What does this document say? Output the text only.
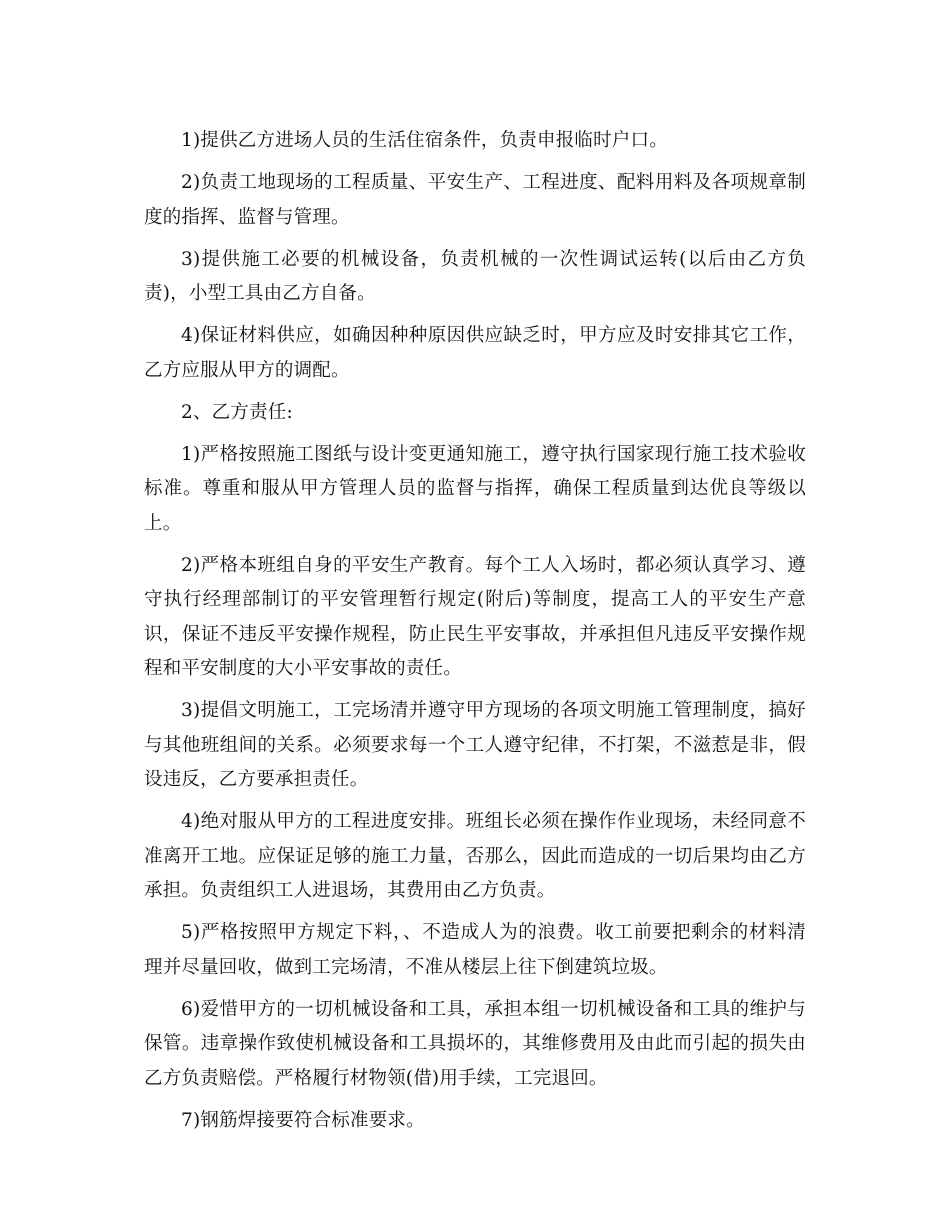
1)提供乙方进场人员的生活住宿条件，负责申报临时户口。

2)负责工地现场的工程质量、平安生产、工程进度、配料用料及各项规章制度的指挥、监督与管理。

3)提供施工必要的机械设备，负责机械的一次性调试运转(以后由乙方负责)，小型工具由乙方自备。

4)保证材料供应，如确因种种原因供应缺乏时，甲方应及时安排其它工作，乙方应服从甲方的调配。

2、乙方责任:

1)严格按照施工图纸与设计变更通知施工，遵守执行国家现行施工技术验收标准。尊重和服从甲方管理人员的监督与指挥，确保工程质量到达优良等级以上。

2)严格本班组自身的平安生产教育。每个工人入场时，都必须认真学习、遵守执行经理部制订的平安管理暂行规定(附后)等制度，提高工人的平安生产意识，保证不违反平安操作规程，防止民生平安事故，并承担但凡违反平安操作规程和平安制度的大小平安事故的责任。

3)提倡文明施工，工完场清并遵守甲方现场的各项文明施工管理制度，搞好与其他班组间的关系。必须要求每一个工人遵守纪律，不打架，不滋惹是非，假设违反，乙方要承担责任。

4)绝对服从甲方的工程进度安排。班组长必须在操作作业现场，未经同意不准离开工地。应保证足够的施工力量，否那么，因此而造成的一切后果均由乙方承担。负责组织工人进退场，其费用由乙方负责。

5)严格按照甲方规定下料，、不造成人为的浪费。收工前要把剩余的材料清理并尽量回收，做到工完场清，不准从楼层上往下倒建筑垃圾。

6)爱惜甲方的一切机械设备和工具，承担本组一切机械设备和工具的维护与保管。违章操作致使机械设备和工具损坏的，其维修费用及由此而引起的损失由乙方负责赔偿。严格履行材物领(借)用手续，工完退回。

7)钢筋焊接要符合标准要求。
